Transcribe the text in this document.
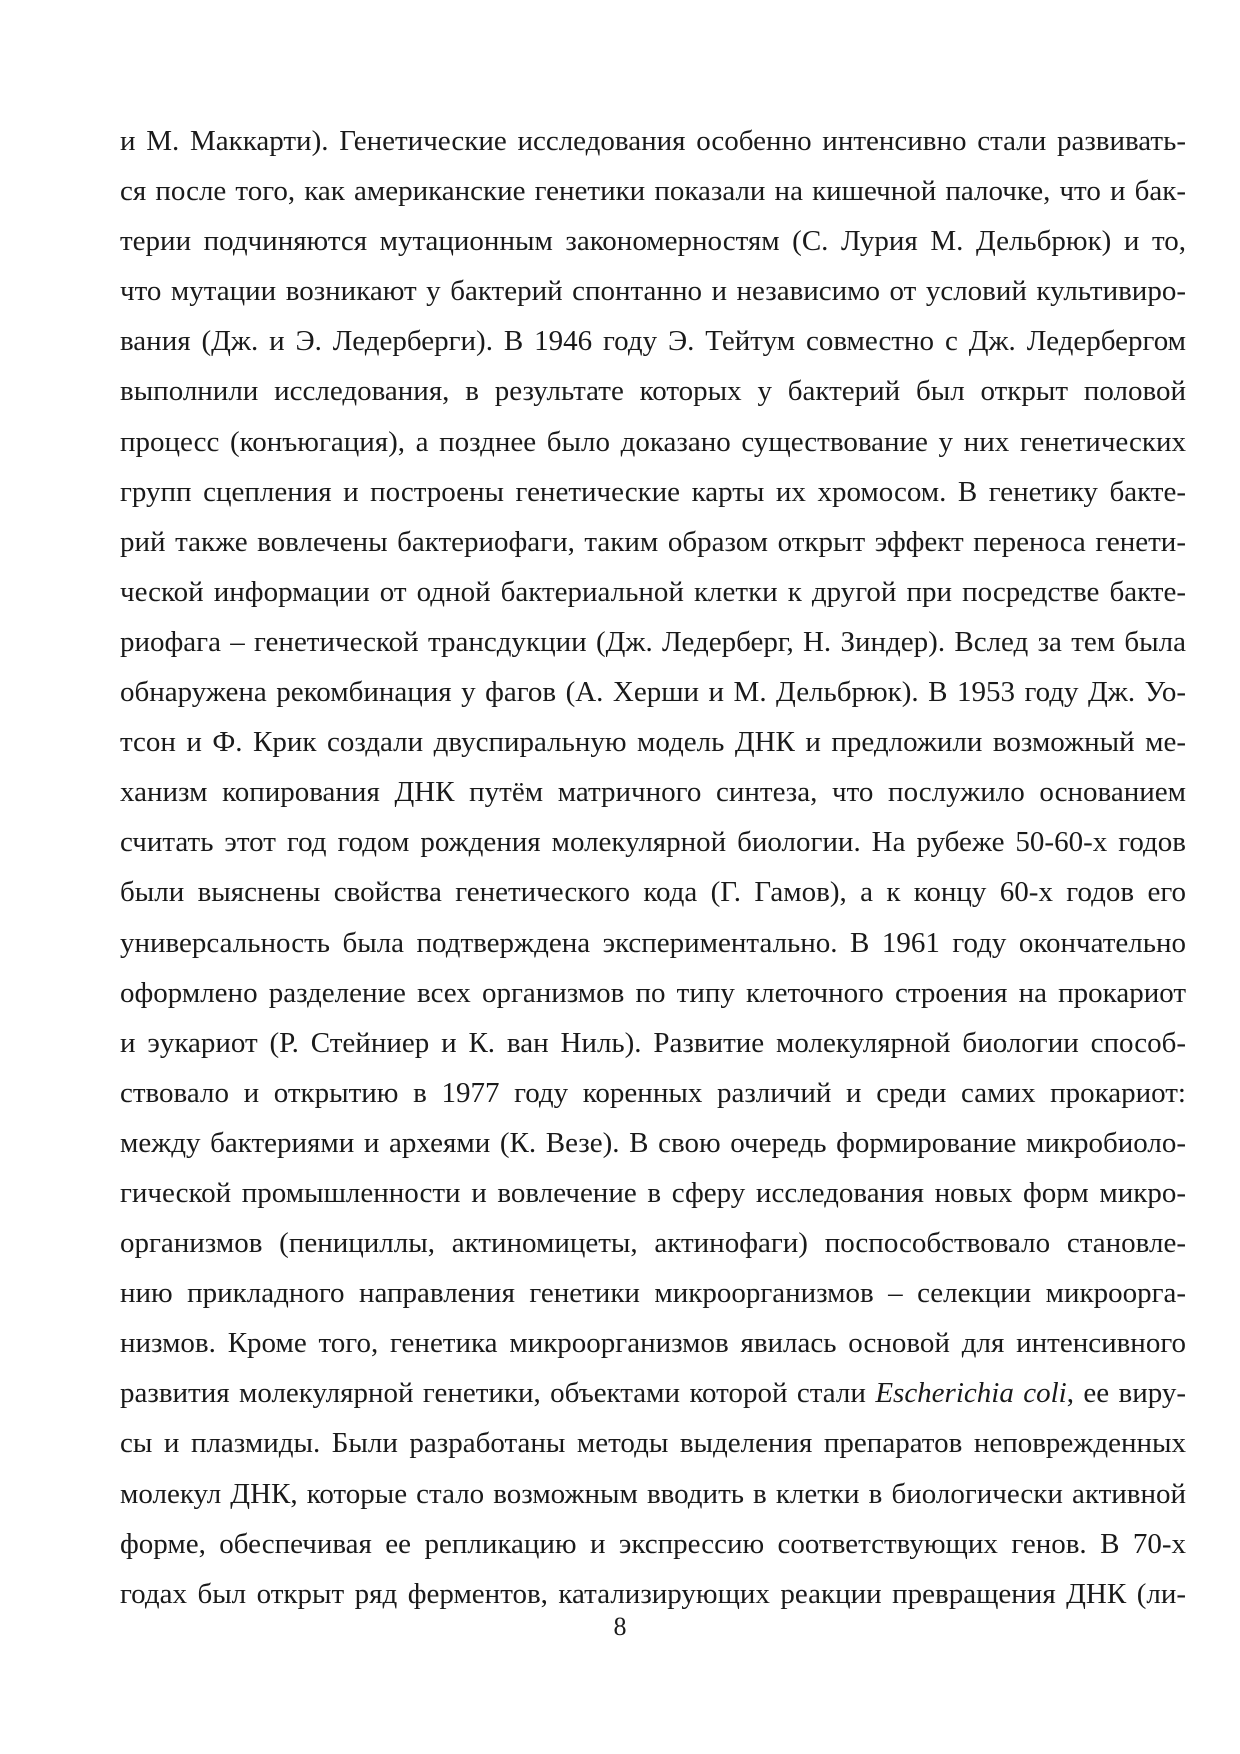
и М. Маккарти). Генетические исследования особенно интенсивно стали развивать-
ся после того, как американские генетики показали на кишечной палочке, что и бак-
терии подчиняются мутационным закономерностям (С. Лурия М. Дельбрюк) и то,
что мутации возникают у бактерий спонтанно и независимо от условий культивиро-
вания (Дж. и Э. Ледерберги). В 1946 году Э. Тейтум совместно с Дж. Ледербергом
выполнили исследования, в результате которых у бактерий был открыт половой
процесс (конъюгация), а позднее было доказано существование у них генетических
групп сцепления и построены генетические карты их хромосом. В генетику бакте-
рий также вовлечены бактериофаги, таким образом открыт эффект переноса генети-
ческой информации от одной бактериальной клетки к другой при посредстве бакте-
риофага – генетической трансдукции (Дж. Ледерберг, Н. Зиндер). Вслед за тем была
обнаружена рекомбинация у фагов (А. Херши и М. Дельбрюк). В 1953 году Дж. Уо-
тсон и Ф. Крик создали двуспиральную модель ДНК и предложили возможный ме-
ханизм копирования ДНК путём матричного синтеза, что послужило основанием
считать этот год годом рождения молекулярной биологии. На рубеже 50-60-х годов
были выяснены свойства генетического кода (Г. Гамов), а к концу 60-х годов его
универсальность была подтверждена экспериментально. В 1961 году окончательно
оформлено разделение всех организмов по типу клеточного строения на прокариот
и эукариот (Р. Стейниер и К. ван Ниль). Развитие молекулярной биологии способ-
ствовало и открытию в 1977 году коренных различий и среди самих прокариот:
между бактериями и археями (К. Везе). В свою очередь формирование микробиоло-
гической промышленности и вовлечение в сферу исследования новых форм микро-
организмов (пенициллы, актиномицеты, актинофаги) поспособствовало становле-
нию прикладного направления генетики микроорганизмов – селекции микроорга-
низмов. Кроме того, генетика микроорганизмов явилась основой для интенсивного
развития молекулярной генетики, объектами которой стали Escherichia coli, ее виру-
сы и плазмиды. Были разработаны методы выделения препаратов неповрежденных
молекул ДНК, которые стало возможным вводить в клетки в биологически активной
форме, обеспечивая ее репликацию и экспрессию соответствующих генов. В 70-х
годах был открыт ряд ферментов, катализирующих реакции превращения ДНК (ли-
8
